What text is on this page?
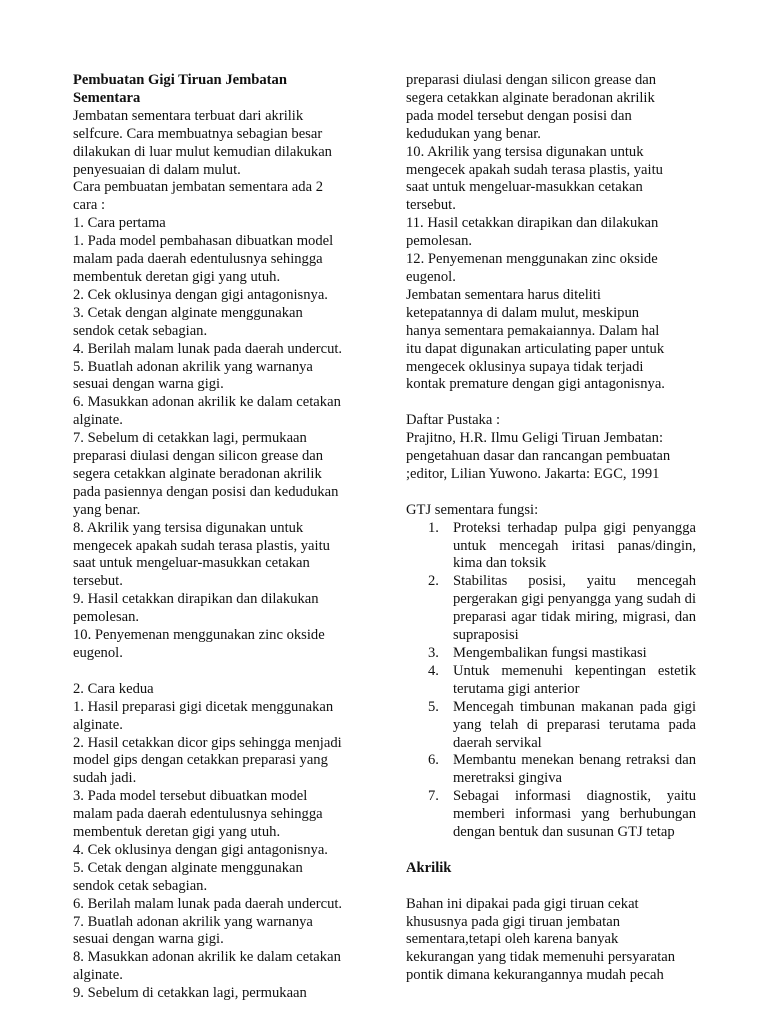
Pembuatan Gigi Tiruan Jembatan
Sementara
Jembatan sementara terbuat dari akrilik
selfcure. Cara membuatnya sebagian besar
dilakukan di luar mulut kemudian dilakukan
penyesuaian di dalam mulut.
Cara pembuatan jembatan sementara ada 2
cara :
1. Cara pertama
1. Pada model pembahasan dibuatkan model
malam pada daerah edentulusnya sehingga
membentuk deretan gigi yang utuh.
2. Cek oklusinya dengan gigi antagonisnya.
3. Cetak dengan alginate menggunakan
sendok cetak sebagian.
4. Berilah malam lunak pada daerah undercut.
5. Buatlah adonan akrilik yang warnanya
sesuai dengan warna gigi.
6. Masukkan adonan akrilik ke dalam cetakan
alginate.
7. Sebelum di cetakkan lagi, permukaan
preparasi diulasi dengan silicon grease dan
segera cetakkan alginate beradonan akrilik
pada pasiennya dengan posisi dan kedudukan
yang benar.
8. Akrilik yang tersisa digunakan untuk
mengecek apakah sudah terasa plastis, yaitu
saat untuk mengeluar-masukkan cetakan
tersebut.
9. Hasil cetakkan dirapikan dan dilakukan
pemolesan.
10. Penyemenan menggunakan zinc okside
eugenol.
2. Cara kedua
1. Hasil preparasi gigi dicetak menggunakan
alginate.
2. Hasil cetakkan dicor gips sehingga menjadi
model gips dengan cetakkan preparasi yang
sudah jadi.
3. Pada model tersebut dibuatkan model
malam pada daerah edentulusnya sehingga
membentuk deretan gigi yang utuh.
4. Cek oklusinya dengan gigi antagonisnya.
5. Cetak dengan alginate menggunakan
sendok cetak sebagian.
6. Berilah malam lunak pada daerah undercut.
7. Buatlah adonan akrilik yang warnanya
sesuai dengan warna gigi.
8. Masukkan adonan akrilik ke dalam cetakan
alginate.
9. Sebelum di cetakkan lagi, permukaan
preparasi diulasi dengan silicon grease dan
segera cetakkan alginate beradonan akrilik
pada model tersebut dengan posisi dan
kedudukan yang benar.
10. Akrilik yang tersisa digunakan untuk
mengecek apakah sudah terasa plastis, yaitu
saat untuk mengeluar-masukkan cetakan
tersebut.
11. Hasil cetakkan dirapikan dan dilakukan
pemolesan.
12. Penyemenan menggunakan zinc okside
eugenol.
Jembatan sementara harus diteliti
ketepatannya di dalam mulut, meskipun
hanya sementara pemakaiannya. Dalam hal
itu dapat digunakan articulating paper untuk
mengecek oklusinya supaya tidak terjadi
kontak premature dengan gigi antagonisnya.
Daftar Pustaka :
Prajitno, H.R. Ilmu Geligi Tiruan Jembatan:
pengetahuan dasar dan rancangan pembuatan
;editor, Lilian Yuwono. Jakarta: EGC, 1991
GTJ sementara fungsi:
1. Proteksi terhadap pulpa gigi penyangga untuk mencegah iritasi panas/dingin, kima dan toksik
2. Stabilitas posisi, yaitu mencegah pergerakan gigi penyangga yang sudah di preparasi agar tidak miring, migrasi, dan supraposisi
3. Mengembalikan fungsi mastikasi
4. Untuk memenuhi kepentingan estetik terutama gigi anterior
5. Mencegah timbunan makanan pada gigi yang telah di preparasi terutama pada daerah servikal
6. Membantu menekan benang retraksi dan meretraksi gingiva
7. Sebagai informasi diagnostik, yaitu memberi informasi yang berhubungan dengan bentuk dan susunan GTJ tetap
Akrilik
Bahan ini dipakai pada gigi tiruan cekat
khususnya pada gigi tiruan jembatan
sementara,tetapi oleh karena banyak
kekurangan yang tidak memenuhi persyaratan
pontik dimana kekurangannya mudah pecah
